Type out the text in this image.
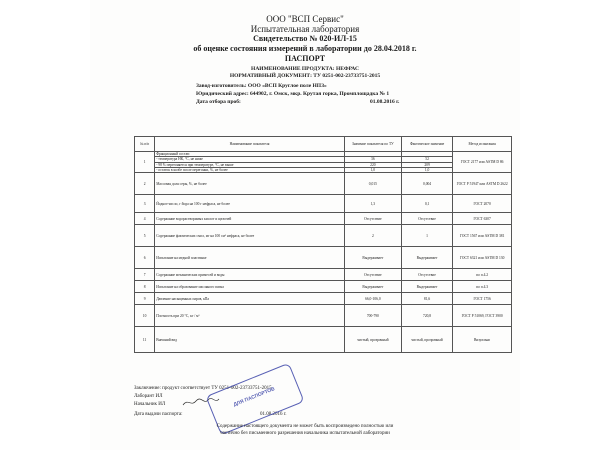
ООО "ВСП Сервис"
Испытательная лаборатория
Свидетельство № 020-ИЛ-15
об оценке состояния измерений в лаборатории до 28.04.2018 г.
ПАСПОРТ
НАИМЕНОВАНИЕ ПРОДУКТА: НЕФРАС
НОРМАТИВНЫЙ ДОКУМЕНТ: ТУ 0251-002-23733751-2015
Завод-изготовитель: ООО «ВСП Круглое поле НПЗ»
Юридический адрес: 644902, г. Омск, мкр. Крутая горка, Промплощадка № 1
Дата отбора проб:	01.08.2016 г.
№ п/п	Наименование показателя	Значение показателя по ТУ	Фактическое значение	Метод испытания
1	Фракционный состав:			ГОСТ 2177 или ASTM D 86
	- температура НК, °С, не ниже	36	52	
	- 98 % перегоняется при температуре, °С, не выше	220	209	
	- остаток в колбе после перегонки, %, не более	1,0	1,0	
2	Массовая доля серы, %, не более	0,015	0,004	ГОСТ Р 51947 или ASTM D 2622
3	Йодное число, г йода на 100 г нефраса, не более	1,3	0,1	ГОСТ 2070
4	Содержание водорастворимых кислот и щелочей	Отсутствие	Отсутствие	ГОСТ 6307
5	Содержание фактических смол, мг на 100 см³ нефраса, не более	2	1	ГОСТ 1567 или ASTM D 381
6	Испытание на медной пластинке	Выдерживает	Выдерживает	ГОСТ 6321 или ASTM D 130
7	Содержание механических примесей и воды	Отсутствие	Отсутствие	по п.4.2
8	Испытание на образование масляного пятна	Выдерживает	Выдерживает	по п.4.3
9	Давление насыщенных паров, кПа	66,0-106,0	81,6	ГОСТ 1756
10	Плотность при 20 °С, кг / м³	700-790	720,8	ГОСТ Р 51069, ГОСТ 3900
11	Внешний вид	чистый, прозрачный	чистый, прозрачный	Визуально
Заключение: продукт соответствует ТУ 0251-002-23733751-2015
Лаборант ИЛ
Начальник ИЛ
Дата выдачи паспорта:	01.08.2016 г.
ДЛЯ ПАСПОРТОВ
Содержание настоящего документа не может быть воспроизведено полностью или
частично без письменного разрешения начальника испытательной лаборатории
